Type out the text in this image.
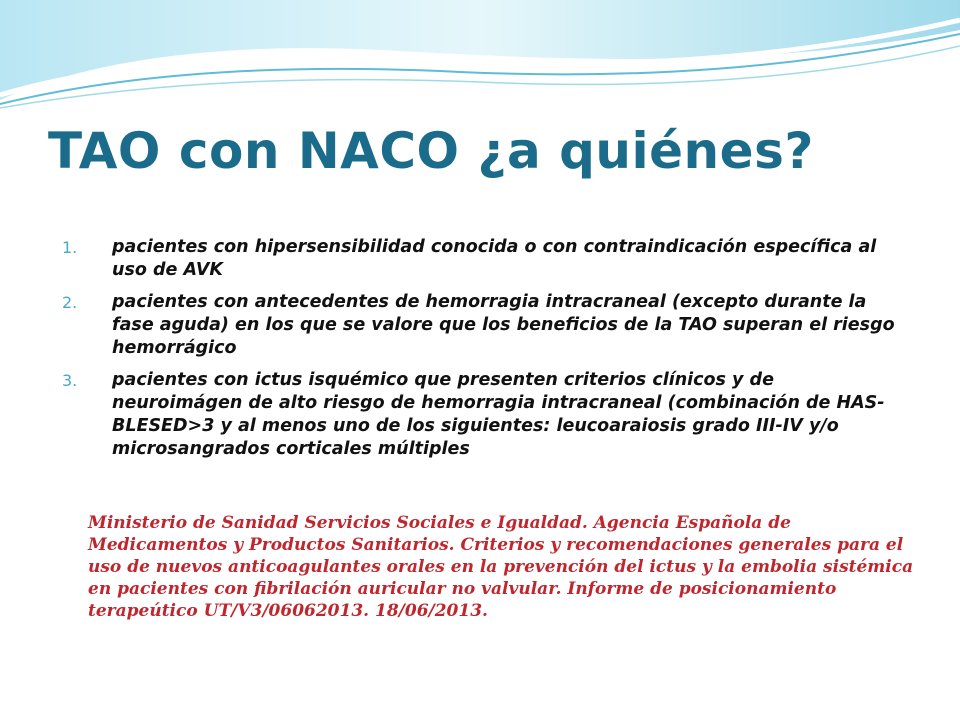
TAO con NACO ¿a quiénes?
1. pacientes con hipersensibilidad conocida o con contraindicación específica al uso de AVK
2. pacientes con antecedentes de hemorragia intracraneal (excepto durante la fase aguda) en los que se valore que los beneficios de la TAO superan el riesgo hemorrágico
3. pacientes con ictus isquémico que presenten criterios clínicos y de neuroimágen de alto riesgo de hemorragia intracraneal (combinación de HAS-BLESED>3 y al menos uno de los siguientes: leucoaraiosis grado III-IV y/o microsangrados corticales múltiples
Ministerio de Sanidad Servicios Sociales e Igualdad. Agencia Española de Medicamentos y Productos Sanitarios. Criterios y recomendaciones generales para el uso de nuevos anticoagulantes orales en la prevención del ictus y la embolia sistémica en pacientes con fibrilación auricular no valvular. Informe de posicionamiento terapeútico UT/V3/06062013. 18/06/2013.
